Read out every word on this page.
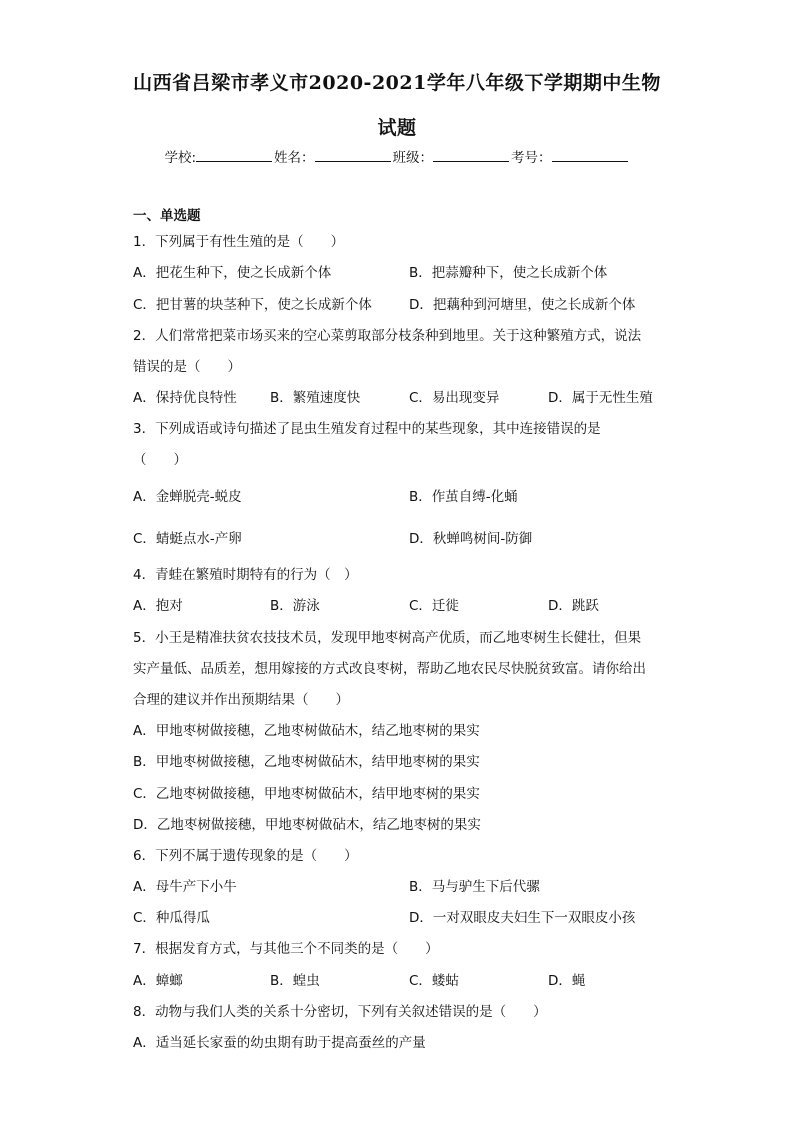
山西省吕梁市孝义市2020-2021学年八年级下学期期中生物
试题
学校:	姓名：	班级：	考号：
一、单选题
1．下列属于有性生殖的是（　　）
A．把花生种下，使之长成新个体	B．把蒜瓣种下，使之长成新个体
C．把甘薯的块茎种下，使之长成新个体	D．把藕种到河塘里，使之长成新个体
2．人们常常把菜市场买来的空心菜剪取部分枝条种到地里。关于这种繁殖方式，说法
错误的是（　　）
A．保持优良特性 B．繁殖速度快	C．易出现变异	D．属于无性生殖
3．下列成语或诗句描述了昆虫生殖发育过程中的某些现象，其中连接错误的是
（　　）
A．金蝉脱壳-蜕皮	B．作茧自缚-化蛹
C．蜻蜓点水-产卵	D．秋蝉鸣树间-防御
4．青蛙在繁殖时期特有的行为（　）
A．抱对	B．游泳	C．迁徙	D．跳跃
5．小王是精准扶贫农技技术员，发现甲地枣树高产优质，而乙地枣树生长健壮，但果
实产量低、品质差，想用嫁接的方式改良枣树，帮助乙地农民尽快脱贫致富。请你给出
合理的建议并作出预期结果（　　）
A．甲地枣树做接穗，乙地枣树做砧木，结乙地枣树的果实
B．甲地枣树做接穗，乙地枣树做砧木，结甲地枣树的果实
C．乙地枣树做接穗，甲地枣树做砧木，结甲地枣树的果实
D．乙地枣树做接穗，甲地枣树做砧木，结乙地枣树的果实
6．下列不属于遗传现象的是（　　）
A．母牛产下小牛	B．马与驴生下后代骡
C．种瓜得瓜	D．一对双眼皮夫妇生下一双眼皮小孩
7．根据发育方式，与其他三个不同类的是（　　）
A．蟑螂	B．蝗虫	C．蝼蛄	D．蝇
8．动物与我们人类的关系十分密切，下列有关叙述错误的是（　　）
A．适当延长家蚕的幼虫期有助于提高蚕丝的产量
